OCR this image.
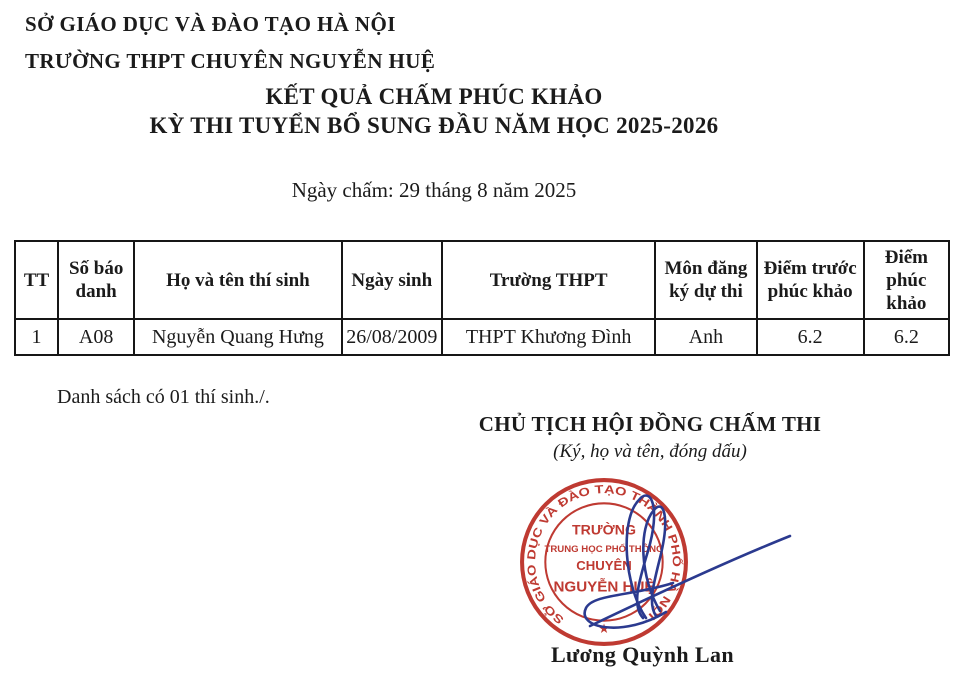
SỞ GIÁO DỤC VÀ ĐÀO TẠO HÀ NỘI
TRƯỜNG THPT CHUYÊN NGUYỄN HUỆ
KẾT QUẢ CHẤM PHÚC KHẢO
KỲ THI TUYỂN BỔ SUNG ĐẦU NĂM HỌC 2025-2026
Ngày chấm: 29 tháng 8 năm 2025
TT	Số báo danh	Họ và tên thí sinh	Ngày sinh	Trường THPT	Môn đăng ký dự thi	Điểm trước phúc khảo	Điểm phúc khảo
1	A08	Nguyễn Quang Hưng	26/08/2009	THPT Khương Đình	Anh	6.2	6.2
Danh sách có 01 thí sinh./.
CHỦ TỊCH HỘI ĐỒNG CHẤM THI
(Ký, họ và tên, đóng dấu)
SỞ GIÁO DỤC VÀ ĐÀO TẠO THÀNH PHỐ HÀ NỘI
TRƯỜNG
TRUNG HỌC PHỔ THÔNG
CHUYÊN
NGUYỄN HUỆ
★
Lương Quỳnh Lan
